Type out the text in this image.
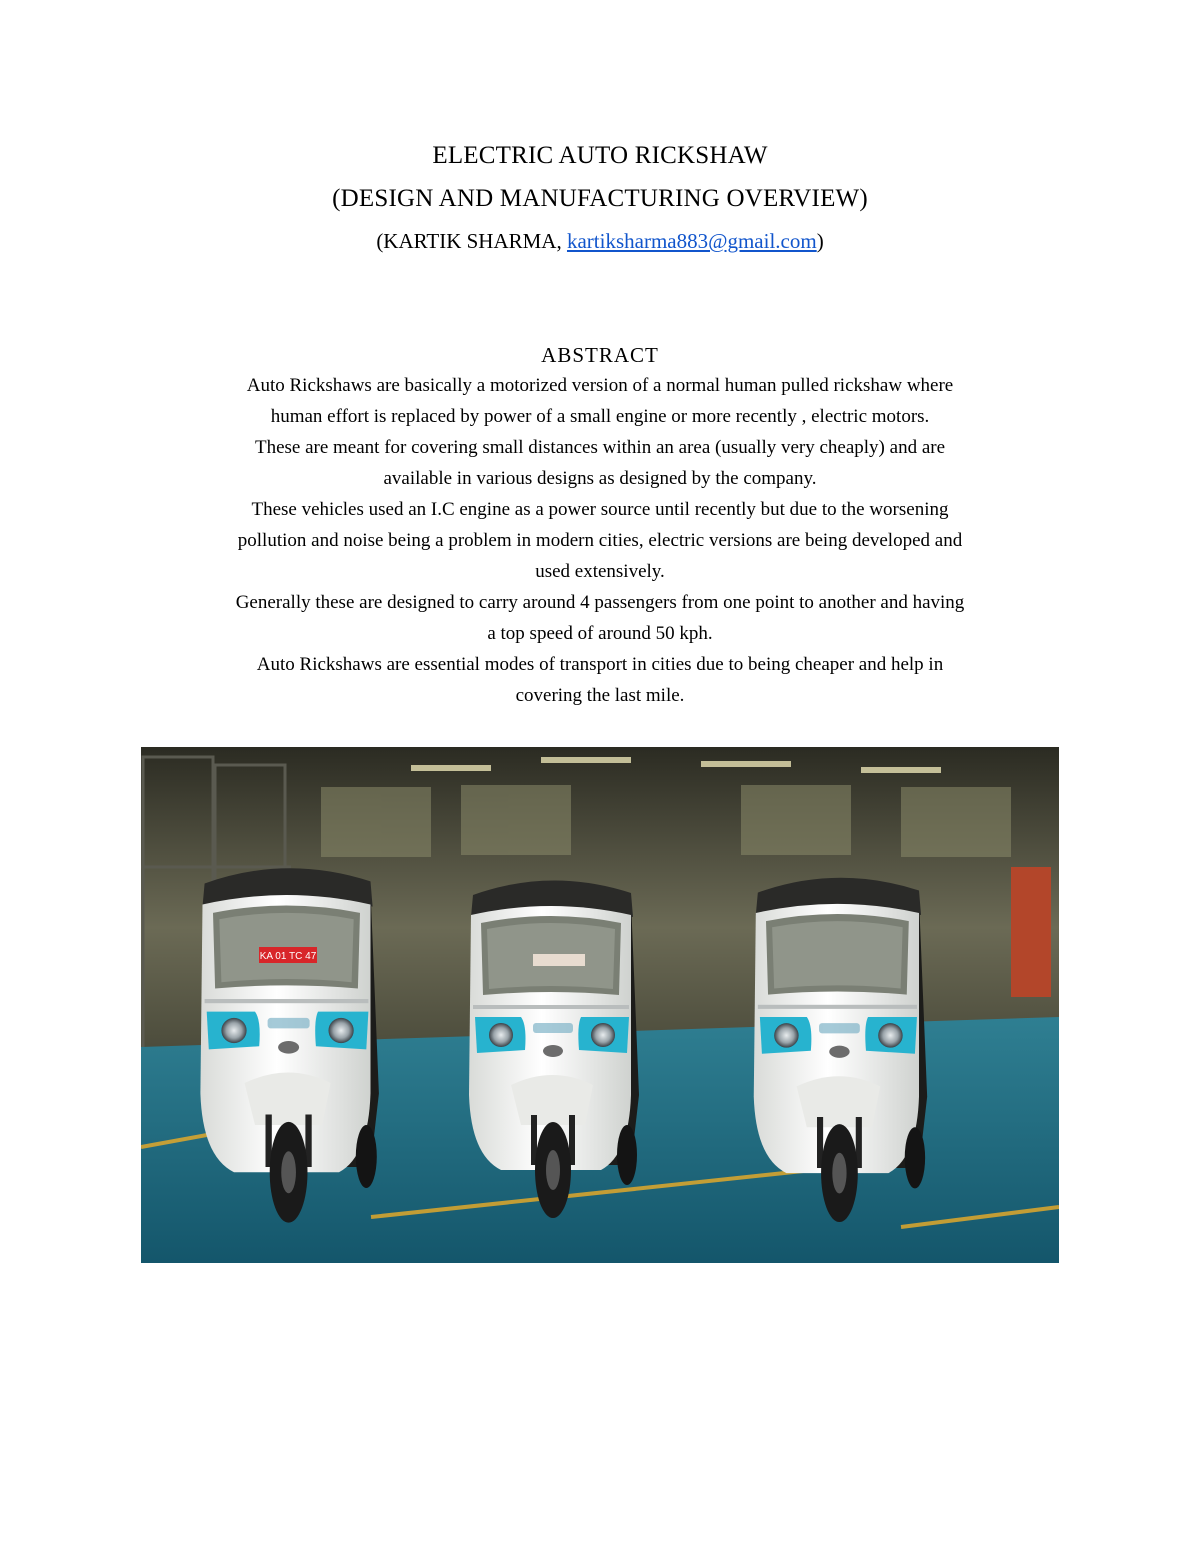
ELECTRIC AUTO RICKSHAW

(DESIGN AND MANUFACTURING OVERVIEW)

(KARTIK SHARMA, kartiksharma883@gmail.com)

ABSTRACT

Auto Rickshaws are basically a motorized version of a normal human pulled rickshaw where

human effort is replaced by power of a small engine or more recently , electric motors.

These are meant for covering small distances within an area (usually very cheaply) and are

available in various designs as designed by the company.

These vehicles used an I.C engine as a power source until recently but due to the worsening

pollution and noise being a problem in modern cities, electric versions are being developed and

used extensively.

Generally these are designed to carry around 4 passengers from one point to another and having

a top speed of around 50 kph.

Auto Rickshaws are essential modes of transport in cities due to being cheaper and help in

covering the last mile.

KA 01 TC 47
